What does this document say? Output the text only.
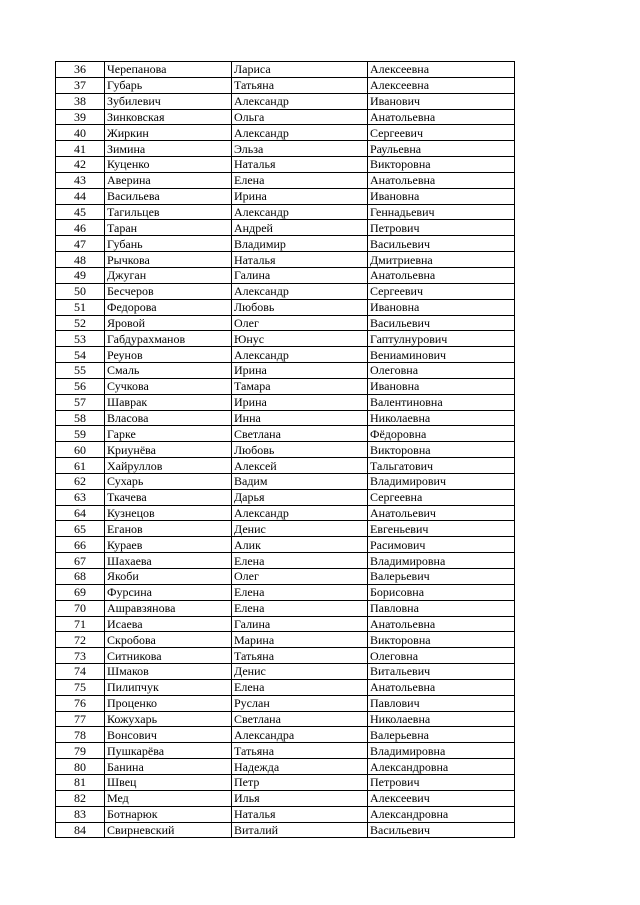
36	Черепанова	Лариса	Алексеевна
37	Губарь	Татьяна	Алексеевна
38	Зубилевич	Александр	Иванович
39	Зинковская	Ольга	Анатольевна
40	Жиркин	Александр	Сергеевич
41	Зимина	Эльза	Раульевна
42	Куценко	Наталья	Викторовна
43	Аверина	Елена	Анатольевна
44	Васильева	Ирина	Ивановна
45	Тагильцев	Александр	Геннадьевич
46	Таран	Андрей	Петрович
47	Губань	Владимир	Васильевич
48	Рычкова	Наталья	Дмитриевна
49	Джуган	Галина	Анатольевна
50	Бесчеров	Александр	Сергеевич
51	Федорова	Любовь	Ивановна
52	Яровой	Олег	Васильевич
53	Габдурахманов	Юнус	Гаптулнурович
54	Реунов	Александр	Вениаминович
55	Смаль	Ирина	Олеговна
56	Сучкова	Тамара	Ивановна
57	Шаврак	Ирина	Валентиновна
58	Власова	Инна	Николаевна
59	Гарке	Светлана	Фёдоровна
60	Криунёва	Любовь	Викторовна
61	Хайруллов	Алексей	Тальгатович
62	Сухарь	Вадим	Владимирович
63	Ткачева	Дарья	Сергеевна
64	Кузнецов	Александр	Анатольевич
65	Еганов	Денис	Евгеньевич
66	Кураев	Алик	Расимович
67	Шахаева	Елена	Владимировна
68	Якоби	Олег	Валерьевич
69	Фурсина	Елена	Борисовна
70	Ашравзянова	Елена	Павловна
71	Исаева	Галина	Анатольевна
72	Скробова	Марина	Викторовна
73	Ситникова	Татьяна	Олеговна
74	Шмаков	Денис	Витальевич
75	Пилипчук	Елена	Анатольевна
76	Проценко	Руслан	Павлович
77	Кожухарь	Светлана	Николаевна
78	Вонсович	Александра	Валерьевна
79	Пушкарёва	Татьяна	Владимировна
80	Банина	Надежда	Александровна
81	Швец	Петр	Петрович
82	Мед	Илья	Алексеевич
83	Ботнарюк	Наталья	Александровна
84	Свирневский	Виталий	Васильевич
